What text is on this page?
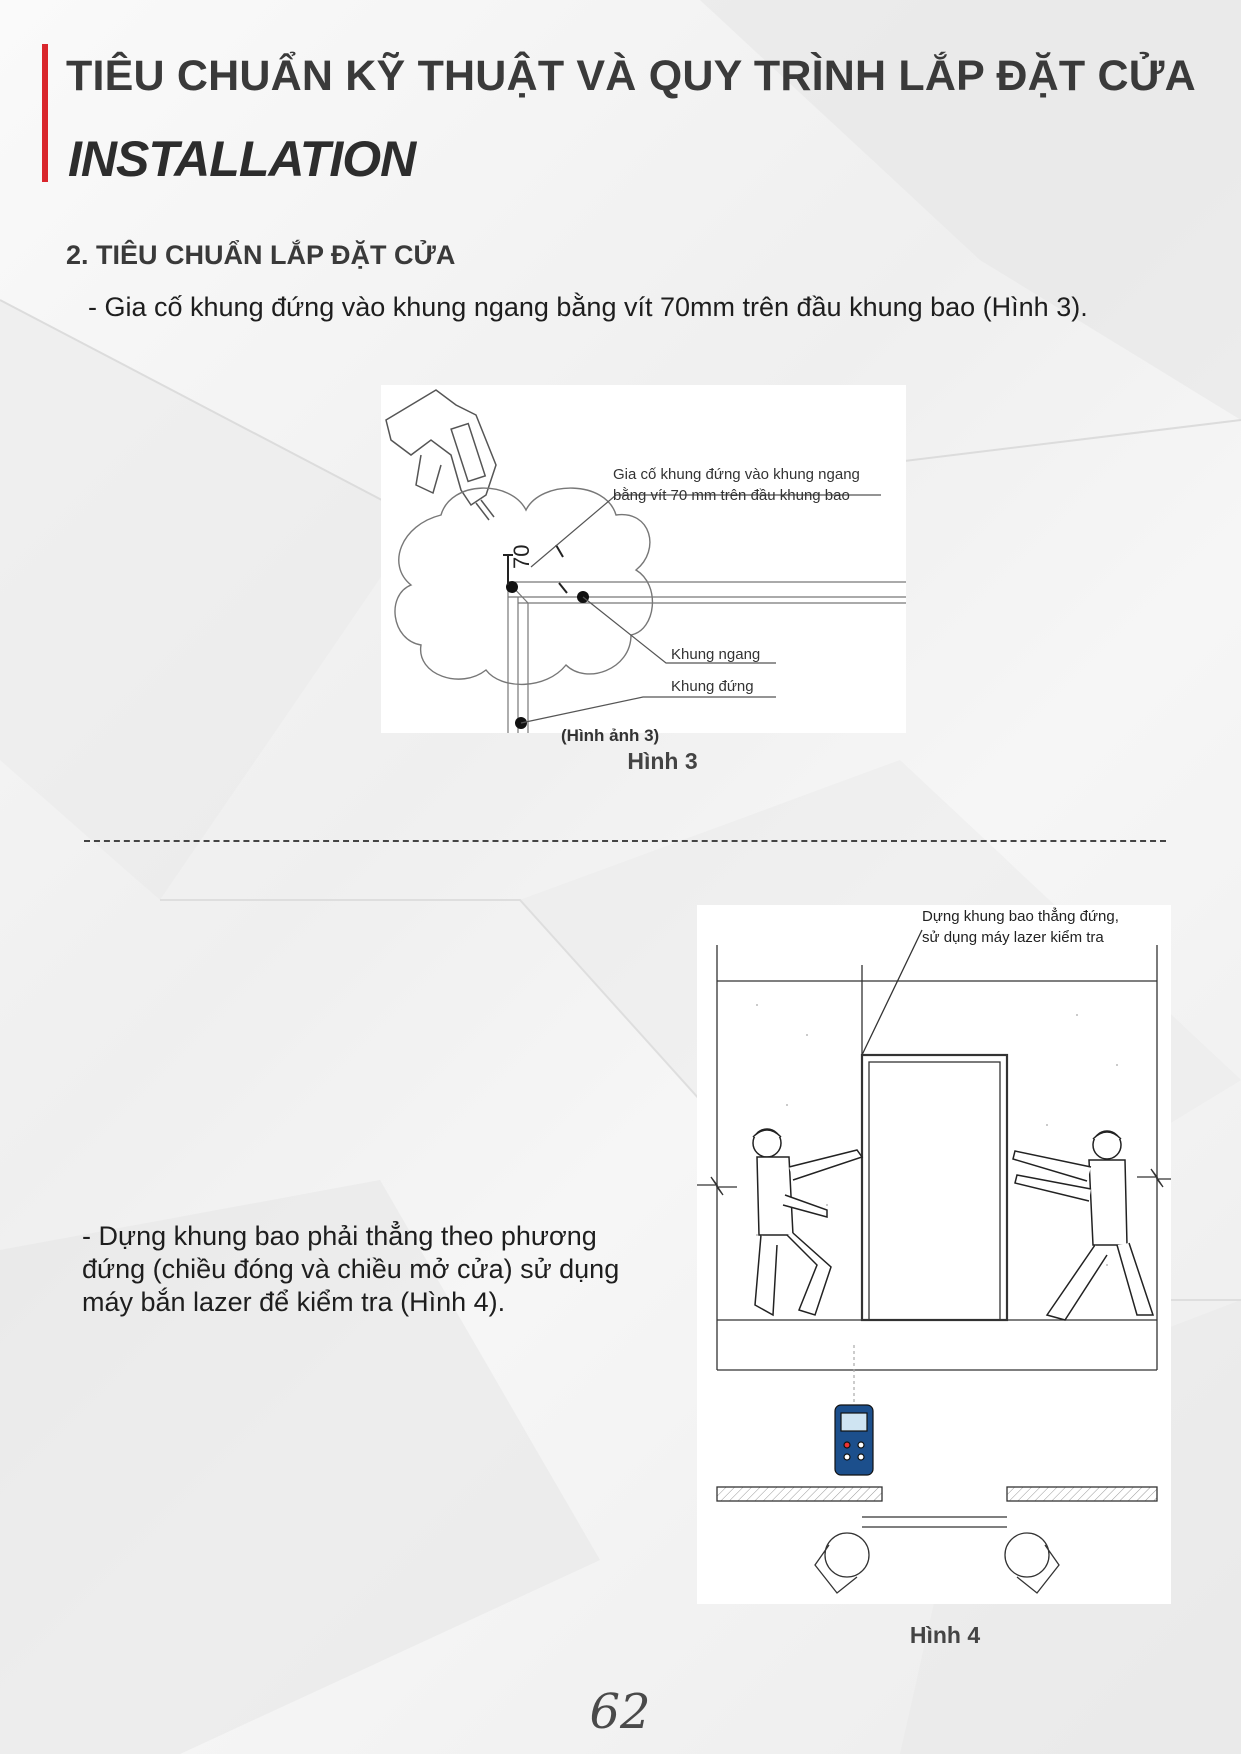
TIÊU CHUẨN KỸ THUẬT VÀ QUY TRÌNH LẮP ĐẶT CỬA
INSTALLATION
2. TIÊU CHUẨN LẮP ĐẶT CỬA
- Gia cố khung đứng vào khung ngang bằng vít 70mm trên đầu khung bao (Hình 3).
70
Gia cố khung đứng vào khung ngang
bằng vít 70 mm trên đầu khung bao
Khung ngang
Khung đứng
(Hình ảnh 3)
Hình 3
- Dựng khung bao phải thẳng theo phương
đứng (chiều đóng và chiều mở cửa) sử dụng
máy bắn lazer để kiểm tra (Hình 4).
Dựng khung bao thẳng đứng,
sử dụng máy lazer kiểm tra
Hình 4
62
